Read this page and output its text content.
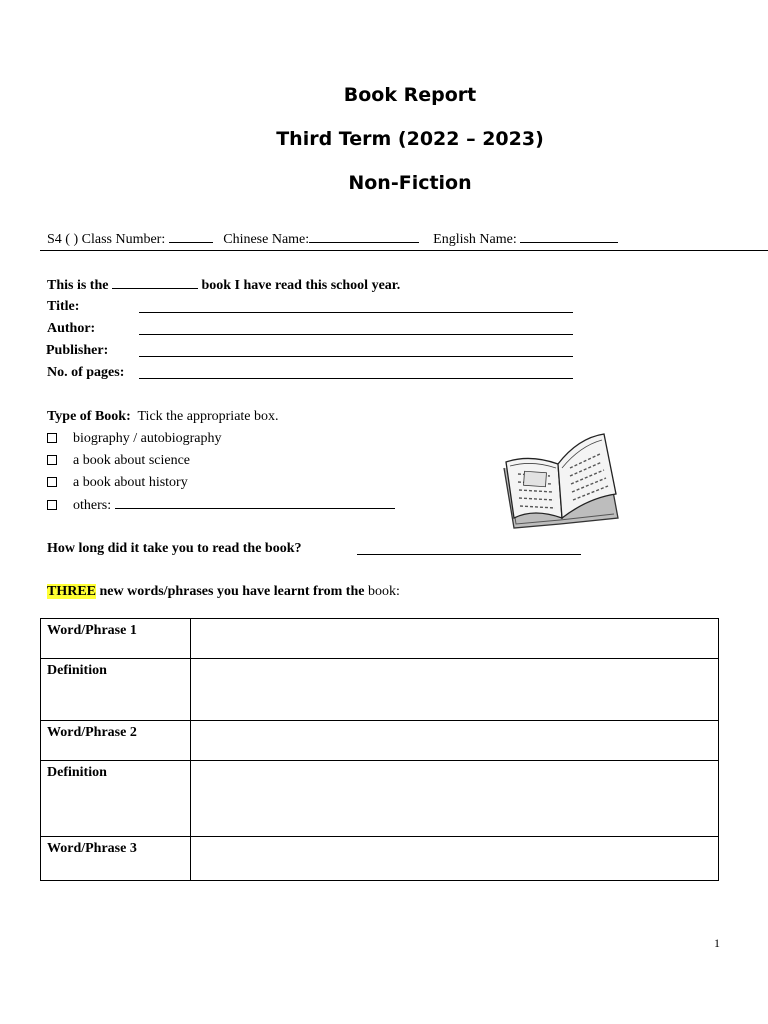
Book Report
Third Term (2022 – 2023)
Non-Fiction
S4 ( ) Class Number:	Chinese Name:	English Name:
This is the	book I have read this school year.
Title:
Author:
Publisher:
No. of pages:
Type of Book: Tick the appropriate box.
biography / autobiography
a book about science
a book about history
others:
How long did it take you to read the book?
THREE new words/phrases you have learnt from the book:
Word/Phrase 1	
Definition	
Word/Phrase 2	
Definition	
Word/Phrase 3	
1
